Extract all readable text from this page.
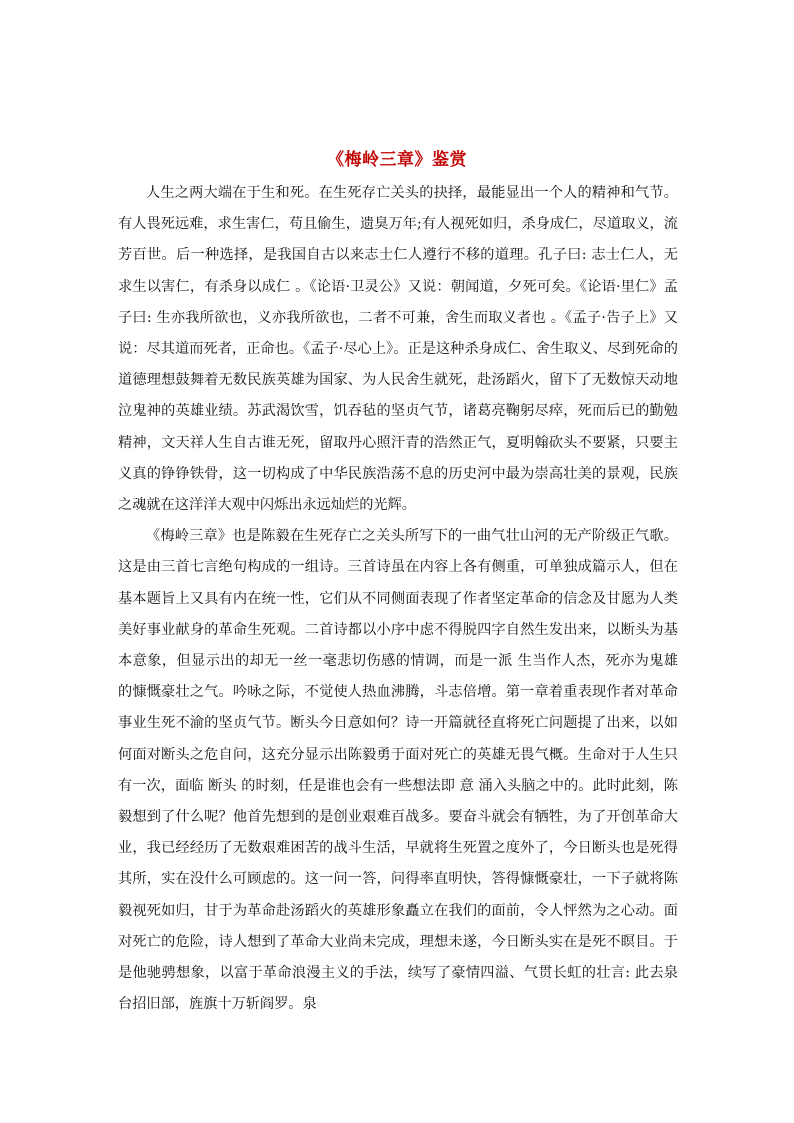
《梅岭三章》鉴赏

人生之两大端在于生和死。在生死存亡关头的抉择，最能显出一个人的精神和气节。有人畏死远难，求生害仁，苟且偷生，遗臭万年;有人视死如归，杀身成仁，尽道取义，流芳百世。后一种选择，是我国自古以来志士仁人遵行不移的道理。孔子曰: 志士仁人，无求生以害仁，有杀身以成仁 。《论语·卫灵公》又说：朝闻道，夕死可矣。《论语·里仁》孟子曰: 生亦我所欲也，义亦我所欲也，二者不可兼，舍生而取义者也 。《孟子·告子上》又说：尽其道而死者，正命也。《孟子·尽心上》。正是这种杀身成仁、舍生取义、尽到死命的道德理想鼓舞着无数民族英雄为国家、为人民舍生就死，赴汤蹈火，留下了无数惊天动地泣鬼神的英雄业绩。苏武渴饮雪，饥吞毡的坚贞气节，诸葛亮鞠躬尽瘁，死而后已的勤勉精神，文天祥人生自古谁无死，留取丹心照汗青的浩然正气，夏明翰砍头不要紧，只要主义真的铮铮铁骨，这一切构成了中华民族浩荡不息的历史河中最为崇高壮美的景观，民族之魂就在这洋洋大观中闪烁出永远灿烂的光辉。

《梅岭三章》也是陈毅在生死存亡之关头所写下的一曲气壮山河的无产阶级正气歌。这是由三首七言绝句构成的一组诗。三首诗虽在内容上各有侧重，可单独成篇示人，但在基本题旨上又具有内在统一性，它们从不同侧面表现了作者坚定革命的信念及甘愿为人类美好事业献身的革命生死观。二首诗都以小序中虑不得脱四字自然生发出来，以断头为基本意象，但显示出的却无一丝一毫悲切伤感的情调，而是一派 生当作人杰，死亦为鬼雄 的慷慨豪壮之气。吟咏之际，不觉使人热血沸腾，斗志倍增。第一章着重表现作者对革命事业生死不渝的坚贞气节。断头今日意如何？诗一开篇就径直将死亡问题提了出来，以如何面对断头之危自问，这充分显示出陈毅勇于面对死亡的英雄无畏气概。生命对于人生只有一次，面临 断头 的时刻，任是谁也会有一些想法即 意 涌入头脑之中的。此时此刻，陈毅想到了什么呢？他首先想到的是创业艰难百战多。要奋斗就会有牺牲，为了开创革命大业，我已经经历了无数艰难困苦的战斗生活，早就将生死置之度外了，今日断头也是死得其所，实在没什么可顾虑的。这一问一答，问得率直明快，答得慷慨豪壮，一下子就将陈毅视死如归，甘于为革命赴汤蹈火的英雄形象矗立在我们的面前，令人怦然为之心动。面对死亡的危险，诗人想到了革命大业尚未完成，理想未遂，今日断头实在是死不瞑目。于是他驰骋想象，以富于革命浪漫主义的手法，续写了豪情四溢、气贯长虹的壮言: 此去泉台招旧部，旌旗十万斩阎罗。泉
